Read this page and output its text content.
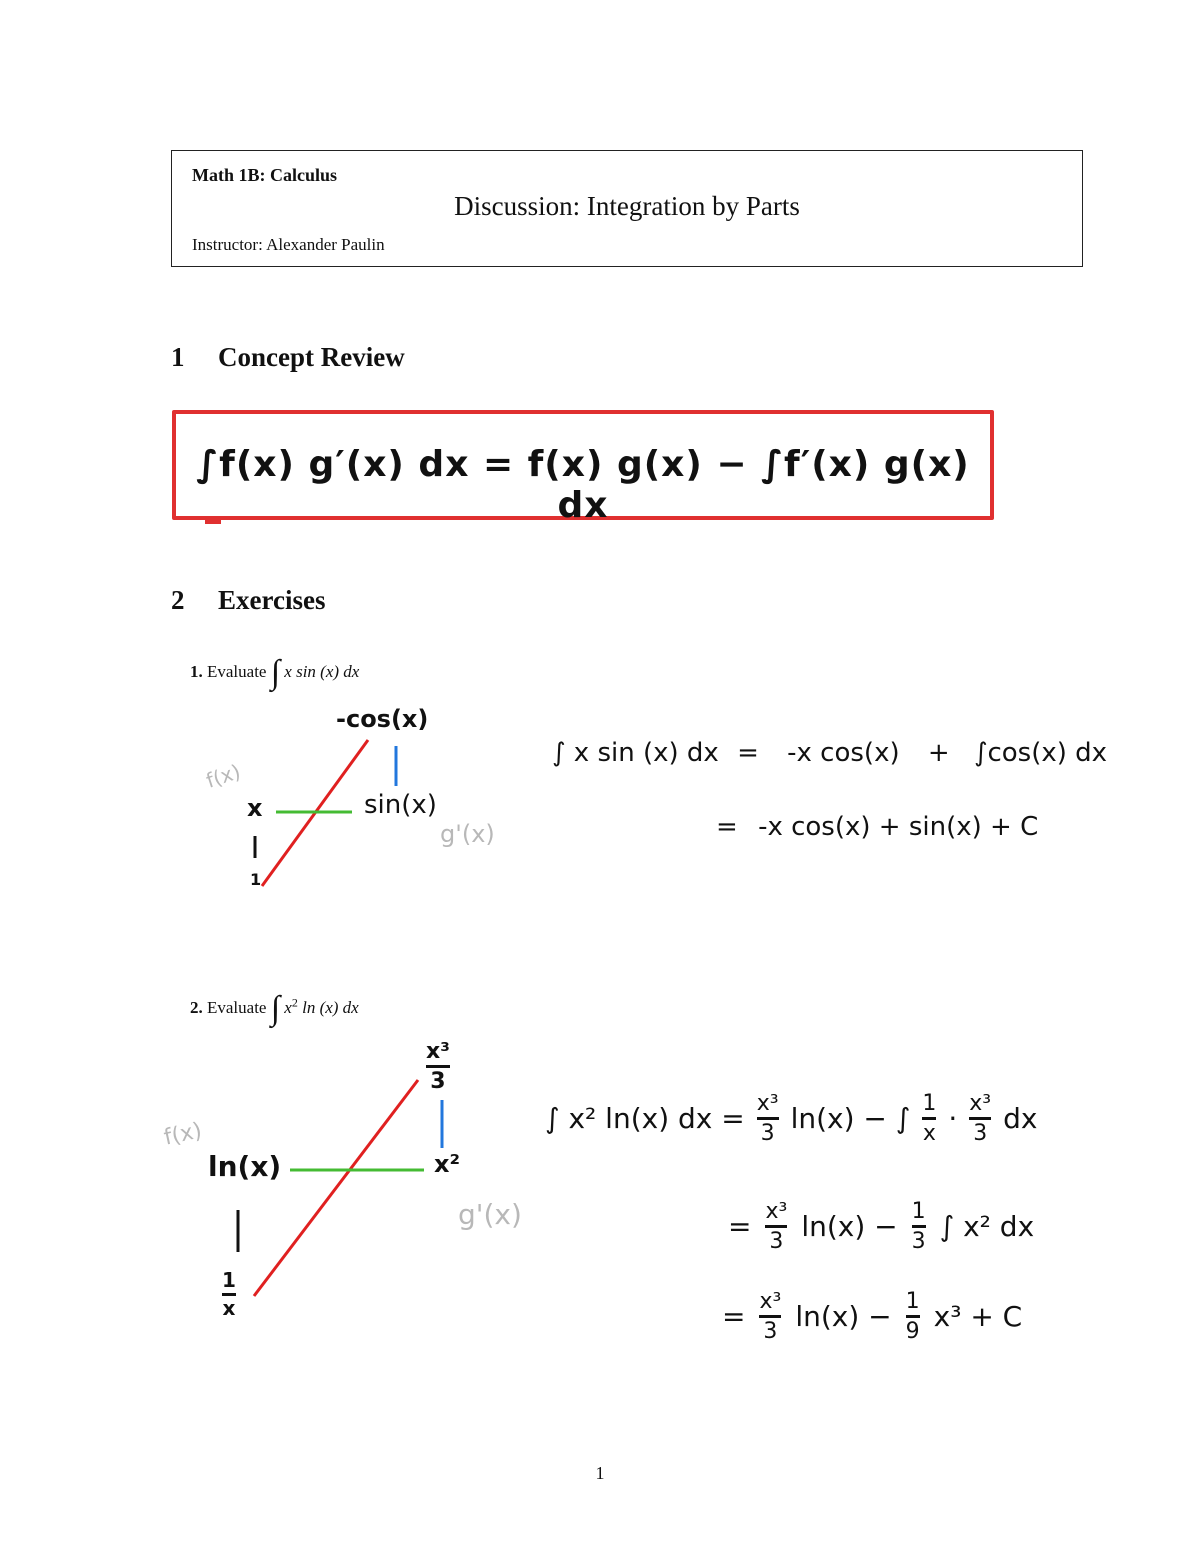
Math 1B: Calculus
Discussion: Integration by Parts
Instructor: Alexander Paulin
1 Concept Review
∫f(x) g′(x) dx = f(x) g(x) − ∫f′(x) g(x) dx
2 Exercises
1. Evaluate ∫ x sin (x) dx
f(x)
x
1
sin(x)
-cos(x)
g'(x)
∫ x sin (x) dx = -x cos(x) + ∫cos(x) dx
= -x cos(x) + sin(x) + C
2. Evaluate ∫ $x^2$ ln (x) dx
f(x)
ln(x)
1
x
x²
x³
3
g'(x)
∫ x² ln(x) dx = $\frac{\text{x³}}{3} \ln(x)$ − ∫ $\frac{1}{x} \cdot \frac{\text{x³}}{3}$ dx
= $\frac{\text{x³}}{3} \ln(x) - \frac{1}{3}$ ∫ x² dx
= $\frac{\text{x³}}{3} \ln(x) - \frac{1}{9} x^3 + C$
1
